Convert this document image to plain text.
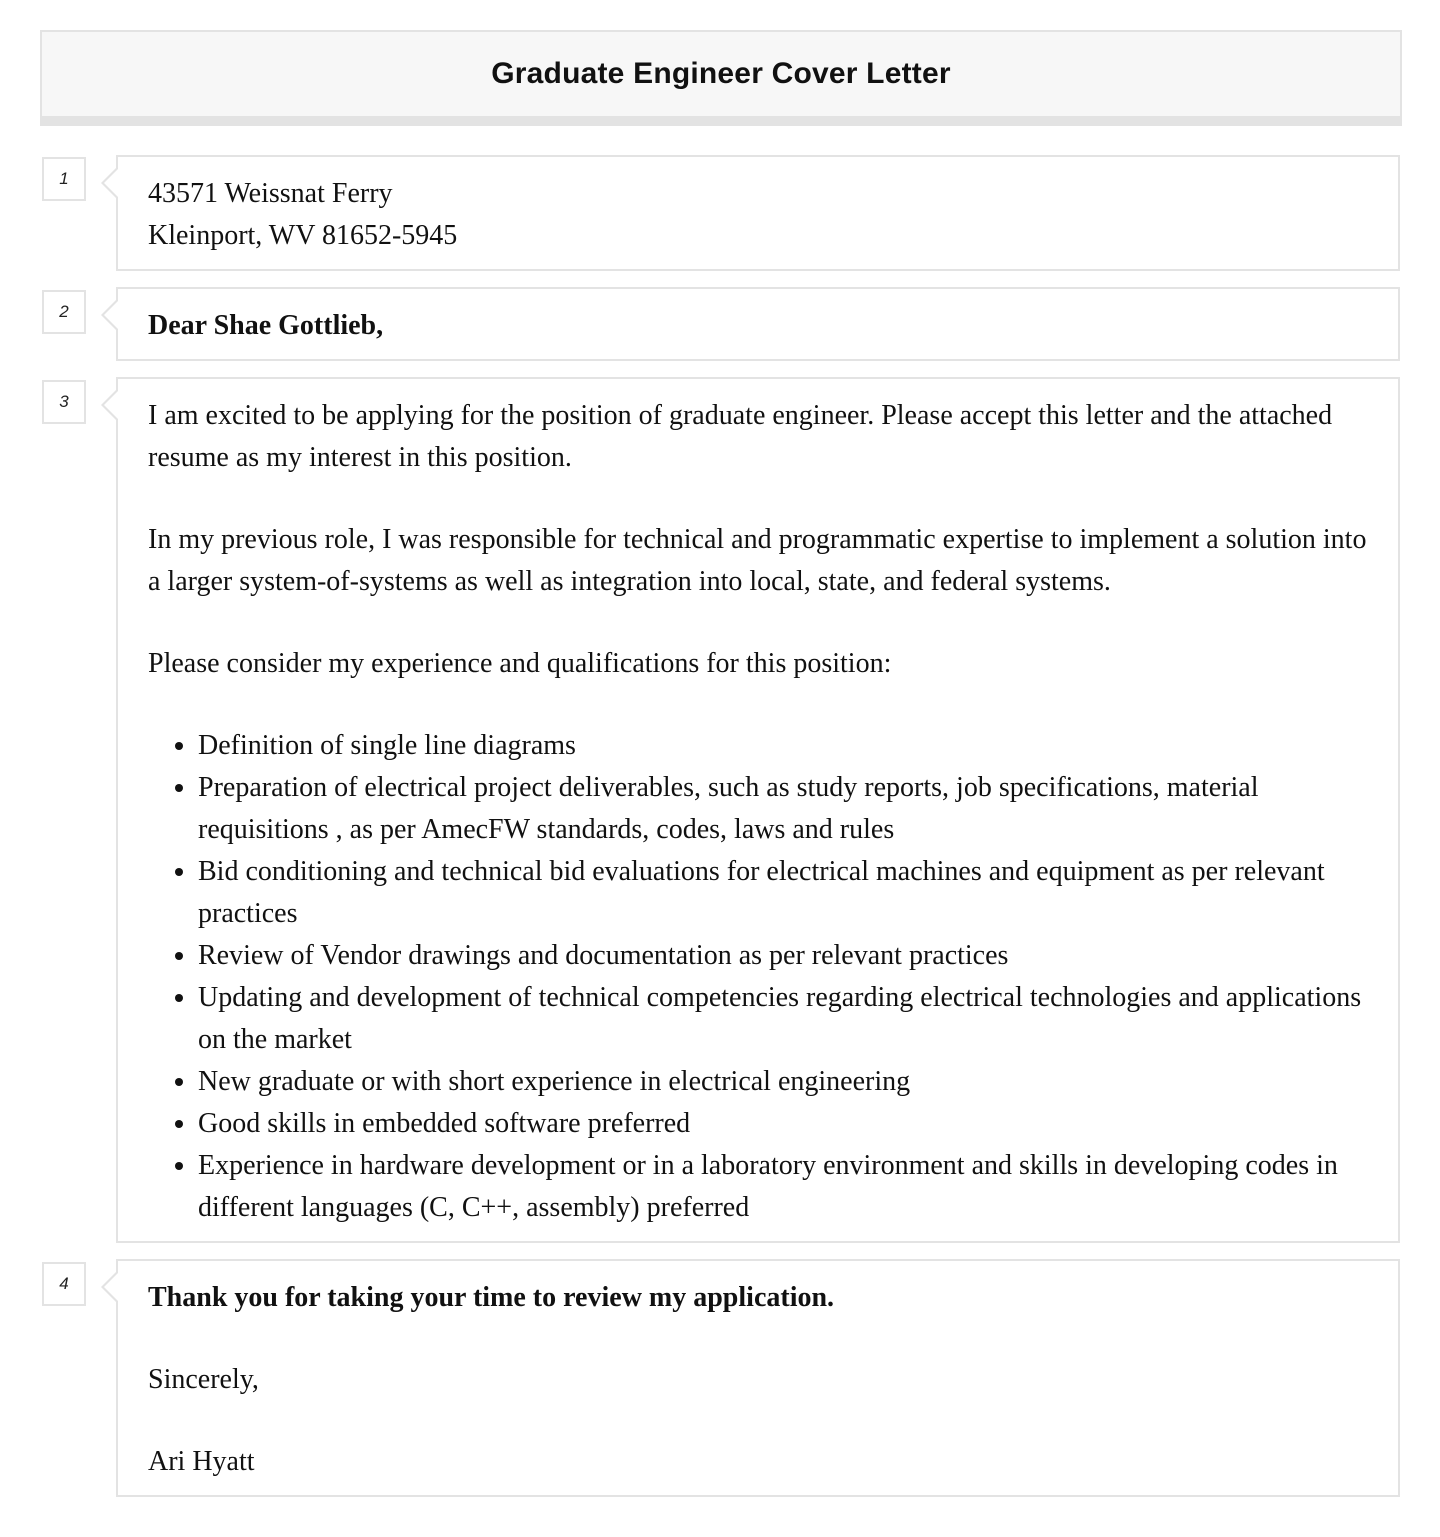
Graduate Engineer Cover Letter
1	43571 Weissnat Ferry
Kleinport, WV 81652-5945
2	Dear Shae Gottlieb,
3	I am excited to be applying for the position of graduate engineer. Please accept this letter and the attached resume as my interest in this position.

In my previous role, I was responsible for technical and programmatic expertise to implement a solution into a larger system-of-systems as well as integration into local, state, and federal systems.

Please consider my experience and qualifications for this position:

• Definition of single line diagrams
• Preparation of electrical project deliverables, such as study reports, job specifications, material requisitions , as per AmecFW standards, codes, laws and rules
• Bid conditioning and technical bid evaluations for electrical machines and equipment as per relevant practices
• Review of Vendor drawings and documentation as per relevant practices
• Updating and development of technical competencies regarding electrical technologies and applications on the market
• New graduate or with short experience in electrical engineering
• Good skills in embedded software preferred
• Experience in hardware development or in a laboratory environment and skills in developing codes in different languages (C, C++, assembly) preferred
4	Thank you for taking your time to review my application.

Sincerely,

Ari Hyatt
